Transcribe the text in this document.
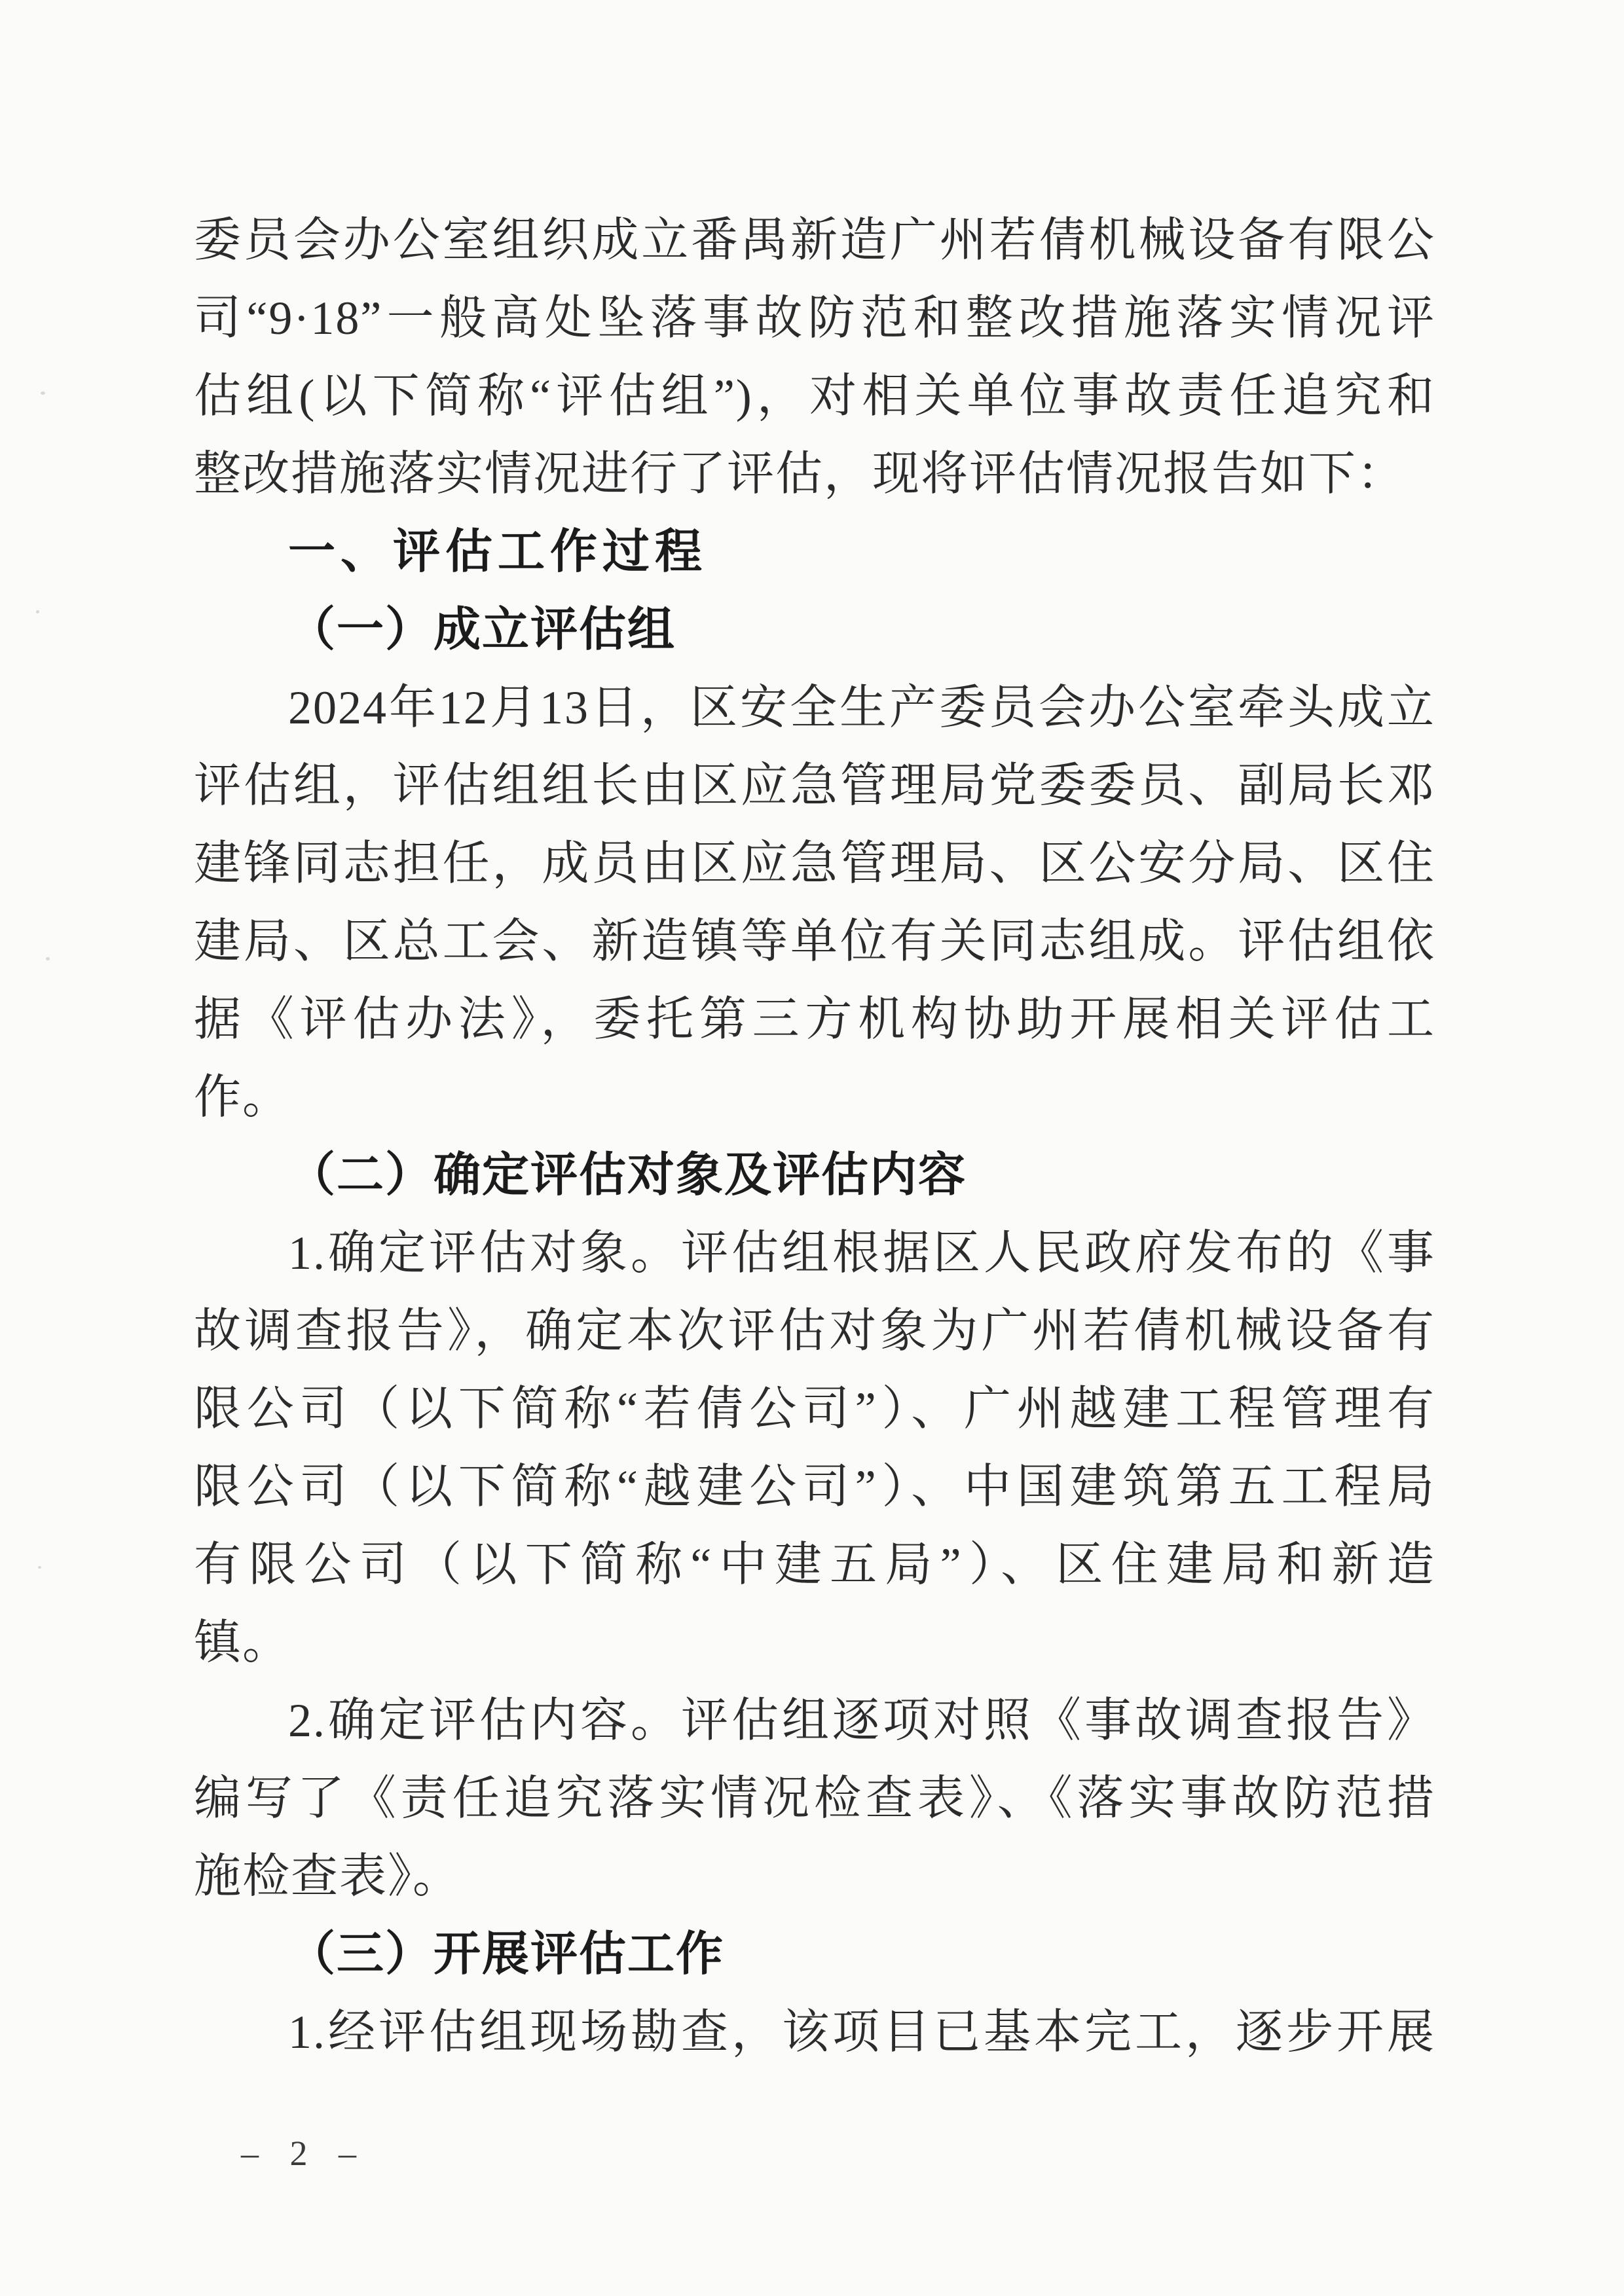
委员会办公室组织成立番禺新造广州若倩机械设备有限公
司“9·18”一般高处坠落事故防范和整改措施落实情况评
估组(以下简称“评估组”)，对相关单位事故责任追究和
整改措施落实情况进行了评估，现将评估情况报告如下：
一、评估工作过程
（一）成立评估组
2024年12月13日，区安全生产委员会办公室牵头成立
评估组，评估组组长由区应急管理局党委委员、副局长邓
建锋同志担任，成员由区应急管理局、区公安分局、区住
建局、区总工会、新造镇等单位有关同志组成。评估组依
据《评估办法》，委托第三方机构协助开展相关评估工
作。
（二）确定评估对象及评估内容
1.确定评估对象。评估组根据区人民政府发布的《事
故调查报告》，确定本次评估对象为广州若倩机械设备有
限公司（以下简称“若倩公司”）、广州越建工程管理有
限公司（以下简称“越建公司”）、中国建筑第五工程局
有限公司（以下简称“中建五局”）、区住建局和新造
镇。
2.确定评估内容。评估组逐项对照《事故调查报告》
编写了《责任追究落实情况检查表》、《落实事故防范措
施检查表》。
（三）开展评估工作
1.经评估组现场勘查，该项目已基本完工，逐步开展
– 2 –
